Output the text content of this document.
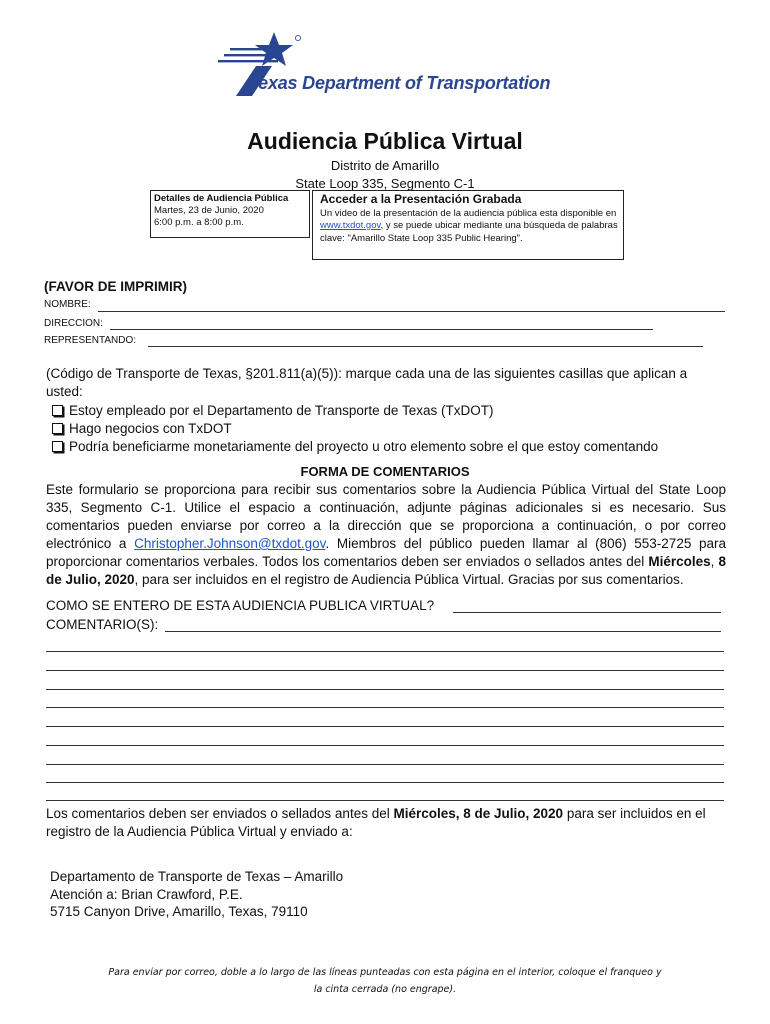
Texas Department of Transportation
Audiencia Pública Virtual
Distrito de Amarillo
State Loop 335, Segmento C-1
Detalles de Audiencia Pública
Martes, 23 de Junio, 2020
6:00 p.m. a 8:00 p.m.
Acceder a la Presentación Grabada
Un video de la presentación de la audiencia pública esta disponible en www.txdot.gov, y se puede ubicar mediante una búsqueda de palabras clave: "Amarillo State Loop 335 Public Hearing".
(FAVOR DE IMPRIMIR)
NOMBRE:
DIRECCION:
REPRESENTANDO:
(Código de Transporte de Texas, §201.811(a)(5)): marque cada una de las siguientes casillas que aplican a usted:
Estoy empleado por el Departamento de Transporte de Texas (TxDOT)
Hago negocios con TxDOT
Podría beneficiarme monetariamente del proyecto u otro elemento sobre el que estoy comentando
FORMA DE COMENTARIOS
Este formulario se proporciona para recibir sus comentarios sobre la Audiencia Pública Virtual del State Loop 335, Segmento C-1. Utilice el espacio a continuación, adjunte páginas adicionales si es necesario. Sus comentarios pueden enviarse por correo a la dirección que se proporciona a continuación, o por correo electrónico a Christopher.Johnson@txdot.gov. Miembros del público pueden llamar al (806) 553-2725 para proporcionar comentarios verbales. Todos los comentarios deben ser enviados o sellados antes del Miércoles, 8 de Julio, 2020, para ser incluidos en el registro de Audiencia Pública Virtual. Gracias por sus comentarios.
COMO SE ENTERO DE ESTA AUDIENCIA PUBLICA VIRTUAL?
COMENTARIO(S):
Los comentarios deben ser enviados o sellados antes del Miércoles, 8 de Julio, 2020 para ser incluidos en el registro de la Audiencia Pública Virtual y enviado a:
Departamento de Transporte de Texas – Amarillo
Atención a: Brian Crawford, P.E.
5715 Canyon Drive, Amarillo, Texas, 79110
Para enviar por correo, doble a lo largo de las líneas punteadas con esta página en el interior, coloque el franqueo y
la cinta cerrada (no engrape).
